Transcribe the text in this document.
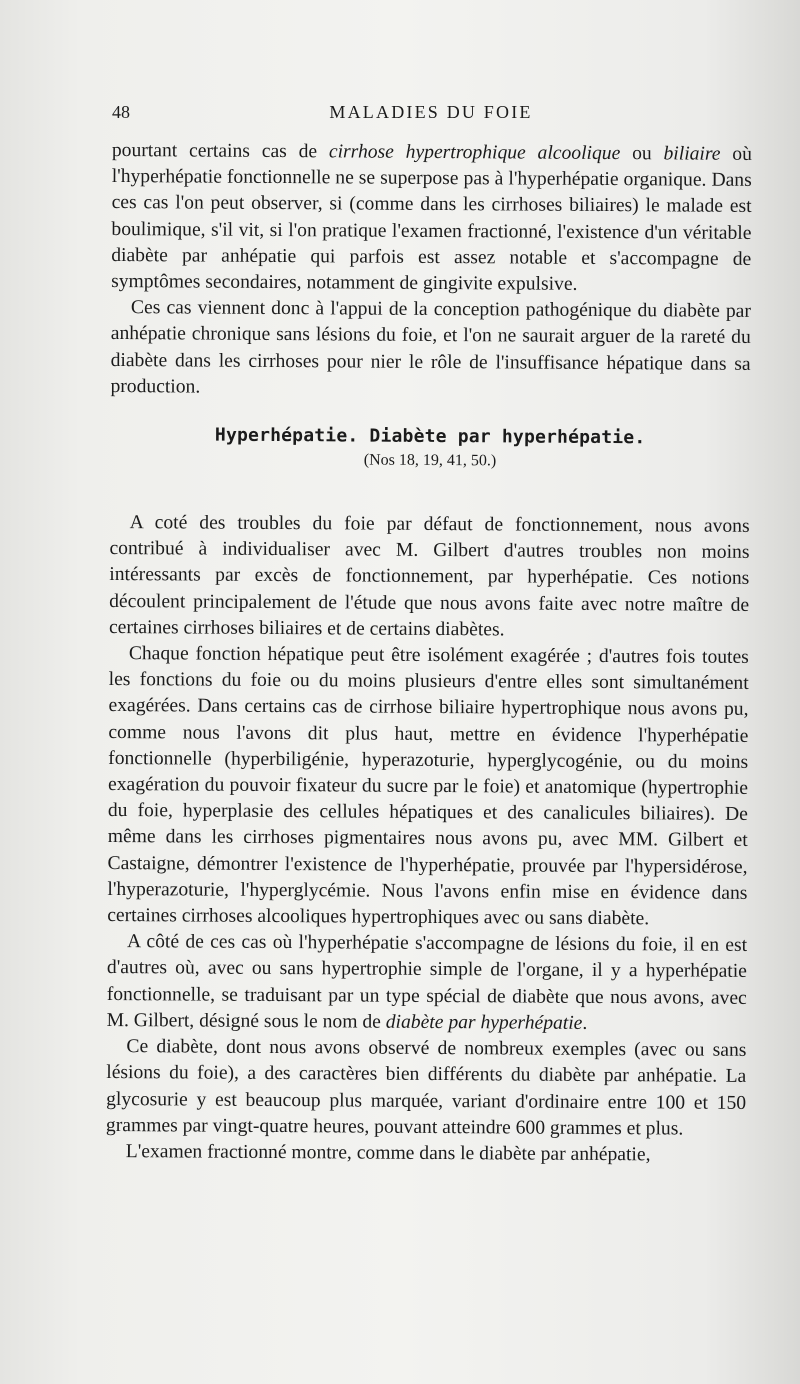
48	MALADIES DU FOIE

pourtant certains cas de cirrhose hypertrophique alcoolique ou biliaire où l'hyperhépatie fonctionnelle ne se superpose pas à l'hyperhépatie organique. Dans ces cas l'on peut observer, si (comme dans les cirrhoses biliaires) le malade est boulimique, s'il vit, si l'on pratique l'examen fractionné, l'existence d'un véritable diabète par anhépatie qui parfois est assez notable et s'accompagne de symptômes secondaires, notamment de gingivite expulsive.

Ces cas viennent donc à l'appui de la conception pathogénique du diabète par anhépatie chronique sans lésions du foie, et l'on ne saurait arguer de la rareté du diabète dans les cirrhoses pour nier le rôle de l'insuffisance hépatique dans sa production.

Hyperhépatie. Diabète par hyperhépatie.
(Nos 18, 19, 41, 50.)

A coté des troubles du foie par défaut de fonctionnement, nous avons contribué à individualiser avec M. Gilbert d'autres troubles non moins intéressants par excès de fonctionnement, par hyperhépatie. Ces notions découlent principalement de l'étude que nous avons faite avec notre maître de certaines cirrhoses biliaires et de certains diabètes.

Chaque fonction hépatique peut être isolément exagérée ; d'autres fois toutes les fonctions du foie ou du moins plusieurs d'entre elles sont simultanément exagérées. Dans certains cas de cirrhose biliaire hypertrophique nous avons pu, comme nous l'avons dit plus haut, mettre en évidence l'hyperhépatie fonctionnelle (hyperbiligénie, hyperazoturie, hyperglycogénie, ou du moins exagération du pouvoir fixateur du sucre par le foie) et anatomique (hypertrophie du foie, hyperplasie des cellules hépatiques et des canalicules biliaires). De même dans les cirrhoses pigmentaires nous avons pu, avec MM. Gilbert et Castaigne, démontrer l'existence de l'hyperhépatie, prouvée par l'hypersidérose, l'hyperazoturie, l'hyperglycémie. Nous l'avons enfin mise en évidence dans certaines cirrhoses alcooliques hypertrophiques avec ou sans diabète.

A côté de ces cas où l'hyperhépatie s'accompagne de lésions du foie, il en est d'autres où, avec ou sans hypertrophie simple de l'organe, il y a hyperhépatie fonctionnelle, se traduisant par un type spécial de diabète que nous avons, avec M. Gilbert, désigné sous le nom de diabète par hyperhépatie.

Ce diabète, dont nous avons observé de nombreux exemples (avec ou sans lésions du foie), a des caractères bien différents du diabète par anhépatie. La glycosurie y est beaucoup plus marquée, variant d'ordinaire entre 100 et 150 grammes par vingt-quatre heures, pouvant atteindre 600 grammes et plus.

L'examen fractionné montre, comme dans le diabète par anhépatie,
